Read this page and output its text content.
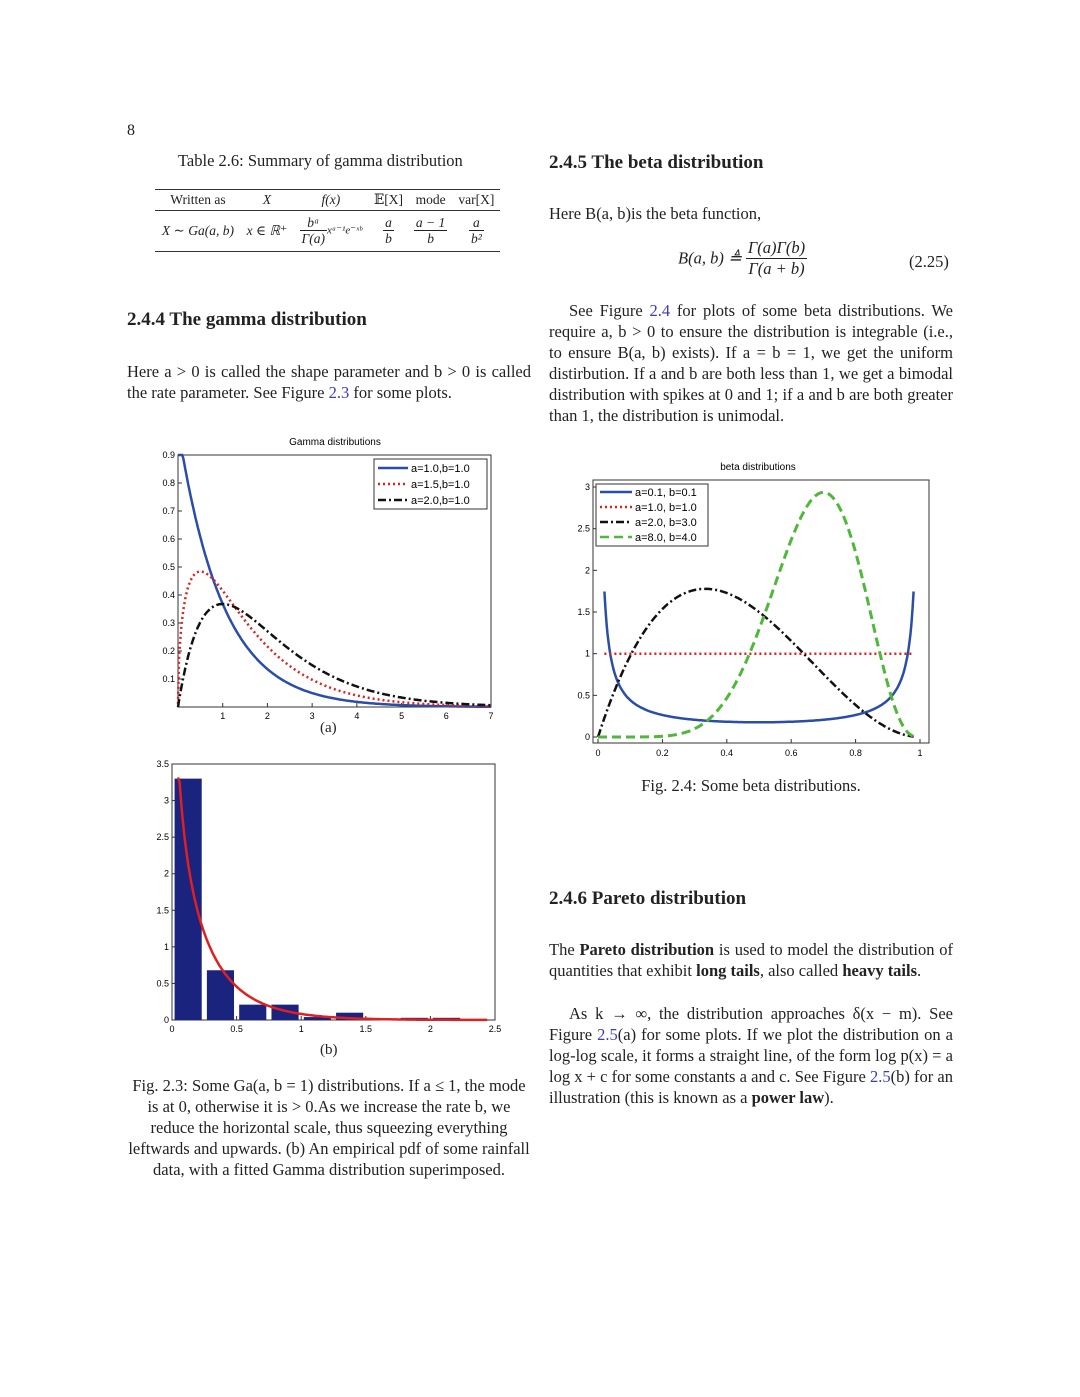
8
Table 2.6: Summary of gamma distribution
Written as	X	f(x)	𝔼[X]	mode	var[X]
X ∼ Ga(a, b)	x ∈ ℝ⁺	$\frac{\text{bᵃ}}{\Gamma(a)}$ xᵃ⁻¹e⁻ˣᵇ	$\frac{a}{b}$	$\frac{a - 1}{b}$	$\frac{a}{\text{b²}}$
2.4.4 The gamma distribution
Here a > 0 is called the shape parameter and b > 0 is called the rate parameter. See Figure 2.3 for some plots.
Gamma distributions
1	2	3	4	5	6	7
0.1
0.2
0.3
0.4
0.5
0.6
0.7
0.8
0.9
a=1.0,b=1.0
a=1.5,b=1.0
a=2.0,b=1.0
(a)
0	0.5	1	1.5	2	2.5
0
0.5
1
1.5
2
2.5
3
3.5
(b)
Fig. 2.3: Some Ga(a, b = 1) distributions. If a ≤ 1, the mode is at 0, otherwise it is > 0.As we increase the rate b, we reduce the horizontal scale, thus squeezing everything leftwards and upwards. (b) An empirical pdf of some rainfall data, with a fitted Gamma distribution superimposed.
2.4.5 The beta distribution
Here B(a, b)is the beta function,
B(a, b) ≜ $\frac{\Gamma(a)\Gamma(b)}{\Gamma(a + b)}$	(2.25)
See Figure 2.4 for plots of some beta distributions. We require a, b > 0 to ensure the distribution is integrable (i.e., to ensure B(a, b) exists). If a = b = 1, we get the uniform distirbution. If a and b are both less than 1, we get a bimodal distribution with spikes at 0 and 1; if a and b are both greater than 1, the distribution is unimodal.
beta distributions
0	0.2	0.4	0.6	0.8	1
0
0.5
1
1.5
2
2.5
3	a=0.1, b=0.1
a=1.0, b=1.0
a=2.0, b=3.0
a=8.0, b=4.0
Fig. 2.4: Some beta distributions.
2.4.6 Pareto distribution
The Pareto distribution is used to model the distribution of quantities that exhibit long tails, also called heavy tails.
As k → ∞, the distribution approaches δ(x − m). See Figure 2.5(a) for some plots. If we plot the distribution on a log-log scale, it forms a straight line, of the form log p(x) = a log x + c for some constants a and c. See Figure 2.5(b) for an illustration (this is known as a power law).
